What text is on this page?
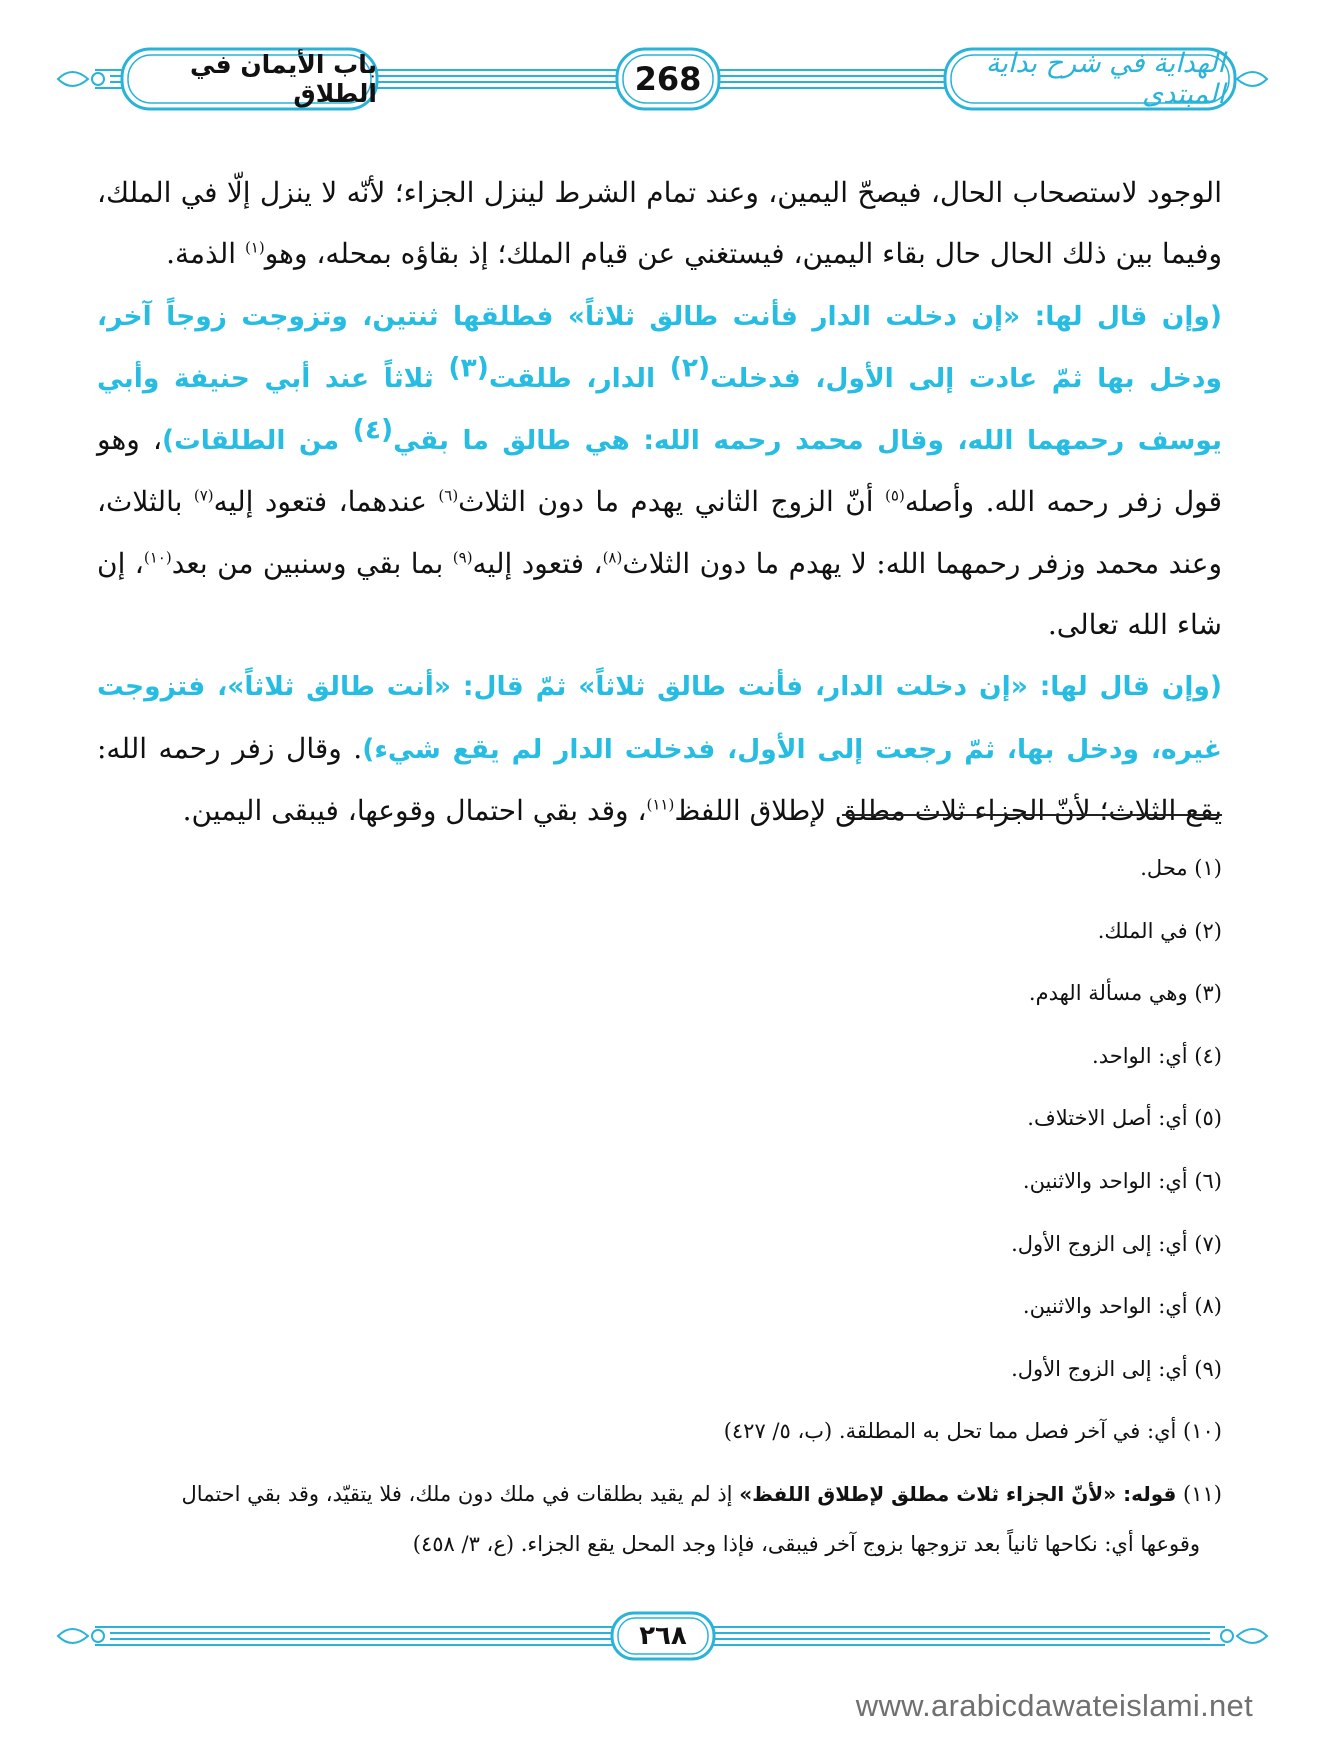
الهداية في شرح بداية المبتدي
268
باب الأيمان في الطلاق

الوجود لاستصحاب الحال، فيصحّ اليمين، وعند تمام الشرط لينزل الجزاء؛ لأنّه لا ينزل إلّا في الملك، وفيما بين ذلك الحال حال بقاء اليمين، فيستغني عن قيام الملك؛ إذ بقاؤه بمحله، وهو$^{(١)}$ الذمة.

(وإن قال لها: «إن دخلت الدار فأنت طالق ثلاثاً» فطلقها ثنتين، وتزوجت زوجاً آخر، ودخل بها ثمّ عادت إلى الأول، فدخلت$^{(٢)}$ الدار، طلقت$^{(٣)}$ ثلاثاً عند أبي حنيفة وأبي يوسف رحمهما الله، وقال محمد رحمه الله: هي طالق ما بقي$^{(٤)}$ من الطلقات)، وهو قول زفر رحمه الله. وأصله$^{(٥)}$ أنّ الزوج الثاني يهدم ما دون الثلاث$^{(٦)}$ عندهما، فتعود إليه$^{(٧)}$ بالثلاث، وعند محمد وزفر رحمهما الله: لا يهدم ما دون الثلاث$^{(٨)}$، فتعود إليه$^{(٩)}$ بما بقي وسنبين من بعد$^{(١٠)}$، إن شاء الله تعالى.

(وإن قال لها: «إن دخلت الدار، فأنت طالق ثلاثاً» ثمّ قال: «أنت طالق ثلاثاً»، فتزوجت غيره، ودخل بها، ثمّ رجعت إلى الأول، فدخلت الدار لم يقع شيء). وقال زفر رحمه الله: يقع الثلاث؛ لأنّ الجزاء ثلاث مطلق لإطلاق اللفظ$^{(١١)}$، وقد بقي احتمال وقوعها، فيبقى اليمين.

(١) محل.
(٢) في الملك.
(٣) وهي مسألة الهدم.
(٤) أي: الواحد.
(٥) أي: أصل الاختلاف.
(٦) أي: الواحد والاثنين.
(٧) أي: إلى الزوج الأول.
(٨) أي: الواحد والاثنين.
(٩) أي: إلى الزوج الأول.
(١٠) أي: في آخر فصل مما تحل به المطلقة. (ب، ٥/ ٤٢٧)
(١١) قوله: «لأنّ الجزاء ثلاث مطلق لإطلاق اللفظ» إذ لم يقيد بطلقات في ملك دون ملك، فلا يتقيّد، وقد بقي احتمال
وقوعها أي: نكاحها ثانياً بعد تزوجها بزوج آخر فيبقى، فإذا وجد المحل يقع الجزاء. (ع، ٣/ ٤٥٨)
٢٦٨
www.arabicdawateislami.net
